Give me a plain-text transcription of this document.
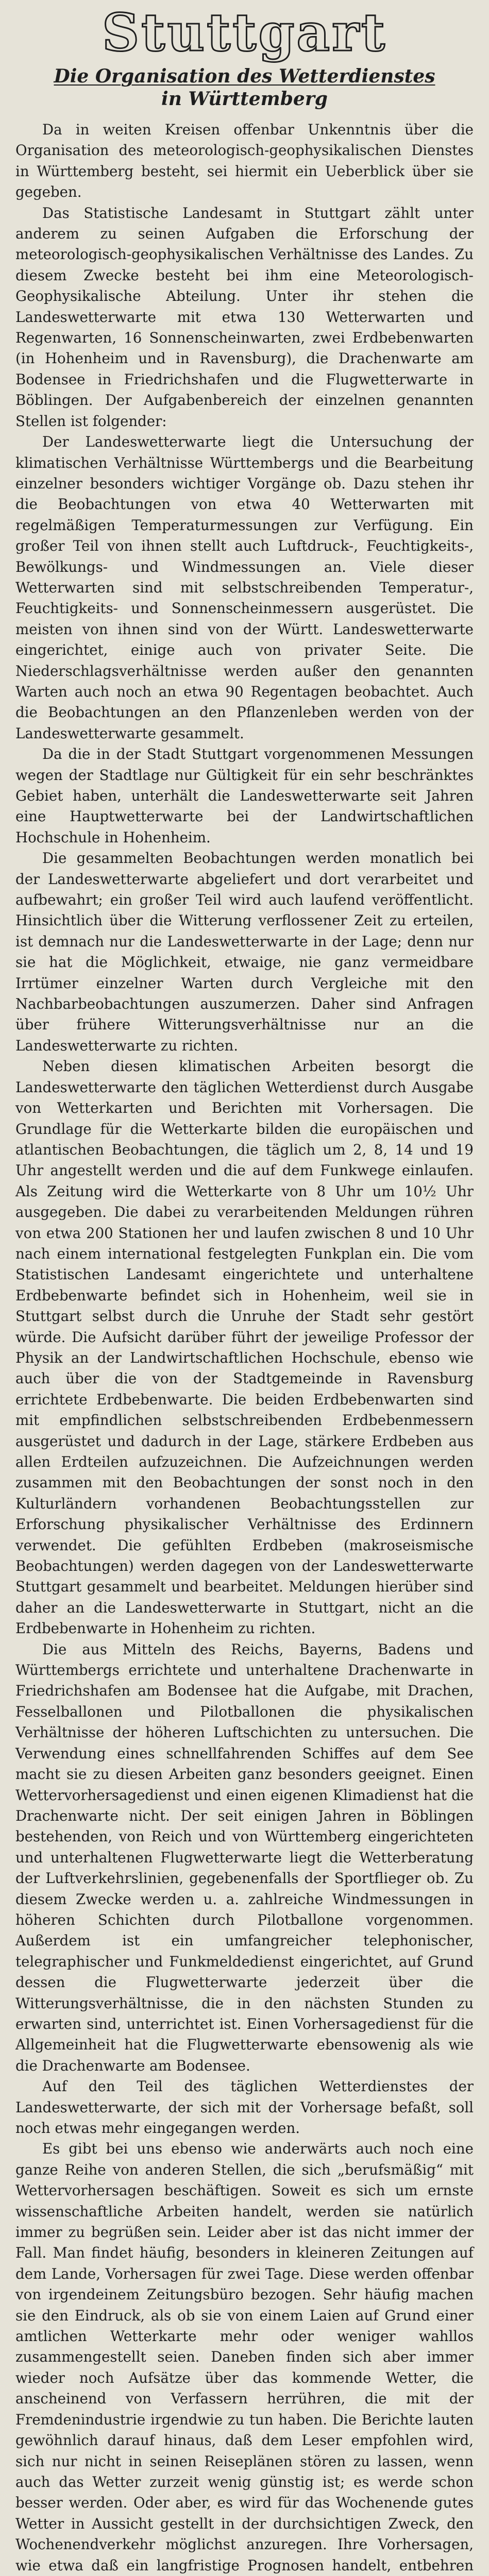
Stuttgart
Die Organisation des Wetterdienstes
in Württemberg

Da in weiten Kreisen offenbar Unkenntnis über die Organisation des meteorologisch-geophysikalischen Dienstes in Württemberg besteht, sei hiermit ein Ueberblick über sie gegeben.

Das Statistische Landesamt in Stuttgart zählt unter anderem zu seinen Aufgaben die Erforschung der meteorologisch-geophysikalischen Verhältnisse des Landes. Zu diesem Zwecke besteht bei ihm eine Meteorologisch-Geophysikalische Abteilung. Unter ihr stehen die Landeswetterwarte mit etwa 130 Wetterwarten und Regenwarten, 16 Sonnenscheinwarten, zwei Erdbebenwarten (in Hohenheim und in Ravensburg), die Drachenwarte am Bodensee in Friedrichshafen und die Flugwetterwarte in Böblingen. Der Aufgabenbereich der einzelnen genannten Stellen ist folgender:

Der Landeswetterwarte liegt die Untersuchung der klimatischen Verhältnisse Württembergs und die Bearbeitung einzelner besonders wichtiger Vorgänge ob. Dazu stehen ihr die Beobachtungen von etwa 40 Wetterwarten mit regelmäßigen Temperaturmessungen zur Verfügung. Ein großer Teil von ihnen stellt auch Luftdruck-, Feuchtigkeits-, Bewölkungs- und Windmessungen an. Viele dieser Wetterwarten sind mit selbstschreibenden Temperatur-, Feuchtigkeits- und Sonnenscheinmessern ausgerüstet. Die meisten von ihnen sind von der Württ. Landeswetterwarte eingerichtet, einige auch von privater Seite. Die Niederschlagsverhältnisse werden außer den genannten Warten auch noch an etwa 90 Regentagen beobachtet. Auch die Beobachtungen an den Pflanzenleben werden von der Landeswetterwarte gesammelt.

Da die in der Stadt Stuttgart vorgenommenen Messungen wegen der Stadtlage nur Gültigkeit für ein sehr beschränktes Gebiet haben, unterhält die Landeswetterwarte seit Jahren eine Hauptwetterwarte bei der Landwirtschaftlichen Hochschule in Hohenheim.

Die gesammelten Beobachtungen werden monatlich bei der Landeswetterwarte abgeliefert und dort verarbeitet und aufbewahrt; ein großer Teil wird auch laufend veröffentlicht. Hinsichtlich über die Witterung verflossener Zeit zu erteilen, ist demnach nur die Landeswetterwarte in der Lage; denn nur sie hat die Möglichkeit, etwaige, nie ganz vermeidbare Irrtümer einzelner Warten durch Vergleiche mit den Nachbarbeobachtungen auszumerzen. Daher sind Anfragen über frühere Witterungsverhältnisse nur an die Landeswetterwarte zu richten.

Neben diesen klimatischen Arbeiten besorgt die Landeswetterwarte den täglichen Wetterdienst durch Ausgabe von Wetterkarten und Berichten mit Vorhersagen. Die Grundlage für die Wetterkarte bilden die europäischen und atlantischen Beobachtungen, die täglich um 2, 8, 14 und 19 Uhr angestellt werden und die auf dem Funkwege einlaufen. Als Zeitung wird die Wetterkarte von 8 Uhr um 10½ Uhr ausgegeben. Die dabei zu verarbeitenden Meldungen rühren von etwa 200 Stationen her und laufen zwischen 8 und 10 Uhr nach einem international festgelegten Funkplan ein. Die vom Statistischen Landesamt eingerichtete und unterhaltene Erdbebenwarte befindet sich in Hohenheim, weil sie in Stuttgart selbst durch die Unruhe der Stadt sehr gestört würde. Die Aufsicht darüber führt der jeweilige Professor der Physik an der Landwirtschaftlichen Hochschule, ebenso wie auch über die von der Stadtgemeinde in Ravensburg errichtete Erdbebenwarte. Die beiden Erdbebenwarten sind mit empfindlichen selbstschreibenden Erdbebenmessern ausgerüstet und dadurch in der Lage, stärkere Erdbeben aus allen Erdteilen aufzuzeichnen. Die Aufzeichnungen werden zusammen mit den Beobachtungen der sonst noch in den Kulturländern vorhandenen Beobachtungsstellen zur Erforschung physikalischer Verhältnisse des Erdinnern verwendet. Die gefühlten Erdbeben (makroseismische Beobachtungen) werden dagegen von der Landeswetterwarte Stuttgart gesammelt und bearbeitet. Meldungen hierüber sind daher an die Landeswetterwarte in Stuttgart, nicht an die Erdbebenwarte in Hohenheim zu richten.

Die aus Mitteln des Reichs, Bayerns, Badens und Württembergs errichtete und unterhaltene Drachenwarte in Friedrichshafen am Bodensee hat die Aufgabe, mit Drachen, Fesselballonen und Pilotballonen die physikalischen Verhältnisse der höheren Luftschichten zu untersuchen. Die Verwendung eines schnellfahrenden Schiffes auf dem See macht sie zu diesen Arbeiten ganz besonders geeignet. Einen Wettervorhersagedienst und einen eigenen Klimadienst hat die Drachenwarte nicht. Der seit einigen Jahren in Böblingen bestehenden, von Reich und von Württemberg eingerichteten und unterhaltenen Flugwetterwarte liegt die Wetterberatung der Luftverkehrslinien, gegebenenfalls der Sportflieger ob. Zu diesem Zwecke werden u. a. zahlreiche Windmessungen in höheren Schichten durch Pilotballone vorgenommen. Außerdem ist ein umfangreicher telephonischer, telegraphischer und Funkmeldedienst eingerichtet, auf Grund dessen die Flugwetterwarte jederzeit über die Witterungsverhältnisse, die in den nächsten Stunden zu erwarten sind, unterrichtet ist. Einen Vorhersagedienst für die Allgemeinheit hat die Flugwetterwarte ebensowenig als wie die Drachenwarte am Bodensee.

Auf den Teil des täglichen Wetterdienstes der Landeswetterwarte, der sich mit der Vorhersage befaßt, soll noch etwas mehr eingegangen werden.

Es gibt bei uns ebenso wie anderwärts auch noch eine ganze Reihe von anderen Stellen, die sich „berufsmäßig“ mit Wettervorhersagen beschäftigen. Soweit es sich um ernste wissenschaftliche Arbeiten handelt, werden sie natürlich immer zu begrüßen sein. Leider aber ist das nicht immer der Fall. Man findet häufig, besonders in kleineren Zeitungen auf dem Lande, Vorhersagen für zwei Tage. Diese werden offenbar von irgendeinem Zeitungsbüro bezogen. Sehr häufig machen sie den Eindruck, als ob sie von einem Laien auf Grund einer amtlichen Wetterkarte mehr oder weniger wahllos zusammengestellt seien. Daneben finden sich aber immer wieder noch Aufsätze über das kommende Wetter, die anscheinend von Verfassern herrühren, die mit der Fremdenindustrie irgendwie zu tun haben. Die Berichte lauten gewöhnlich darauf hinaus, daß dem Leser empfohlen wird, sich nur nicht in seinen Reiseplänen stören zu lassen, wenn auch das Wetter zurzeit wenig günstig ist; es werde schon besser werden. Oder aber, es wird für das Wochenende gutes Wetter in Aussicht gestellt in der durchsichtigen Zweck, den Wochenendverkehr möglichst anzuregen. Ihre Vorhersagen, wie etwa daß ein langfristige Prognosen handelt, entbehren
